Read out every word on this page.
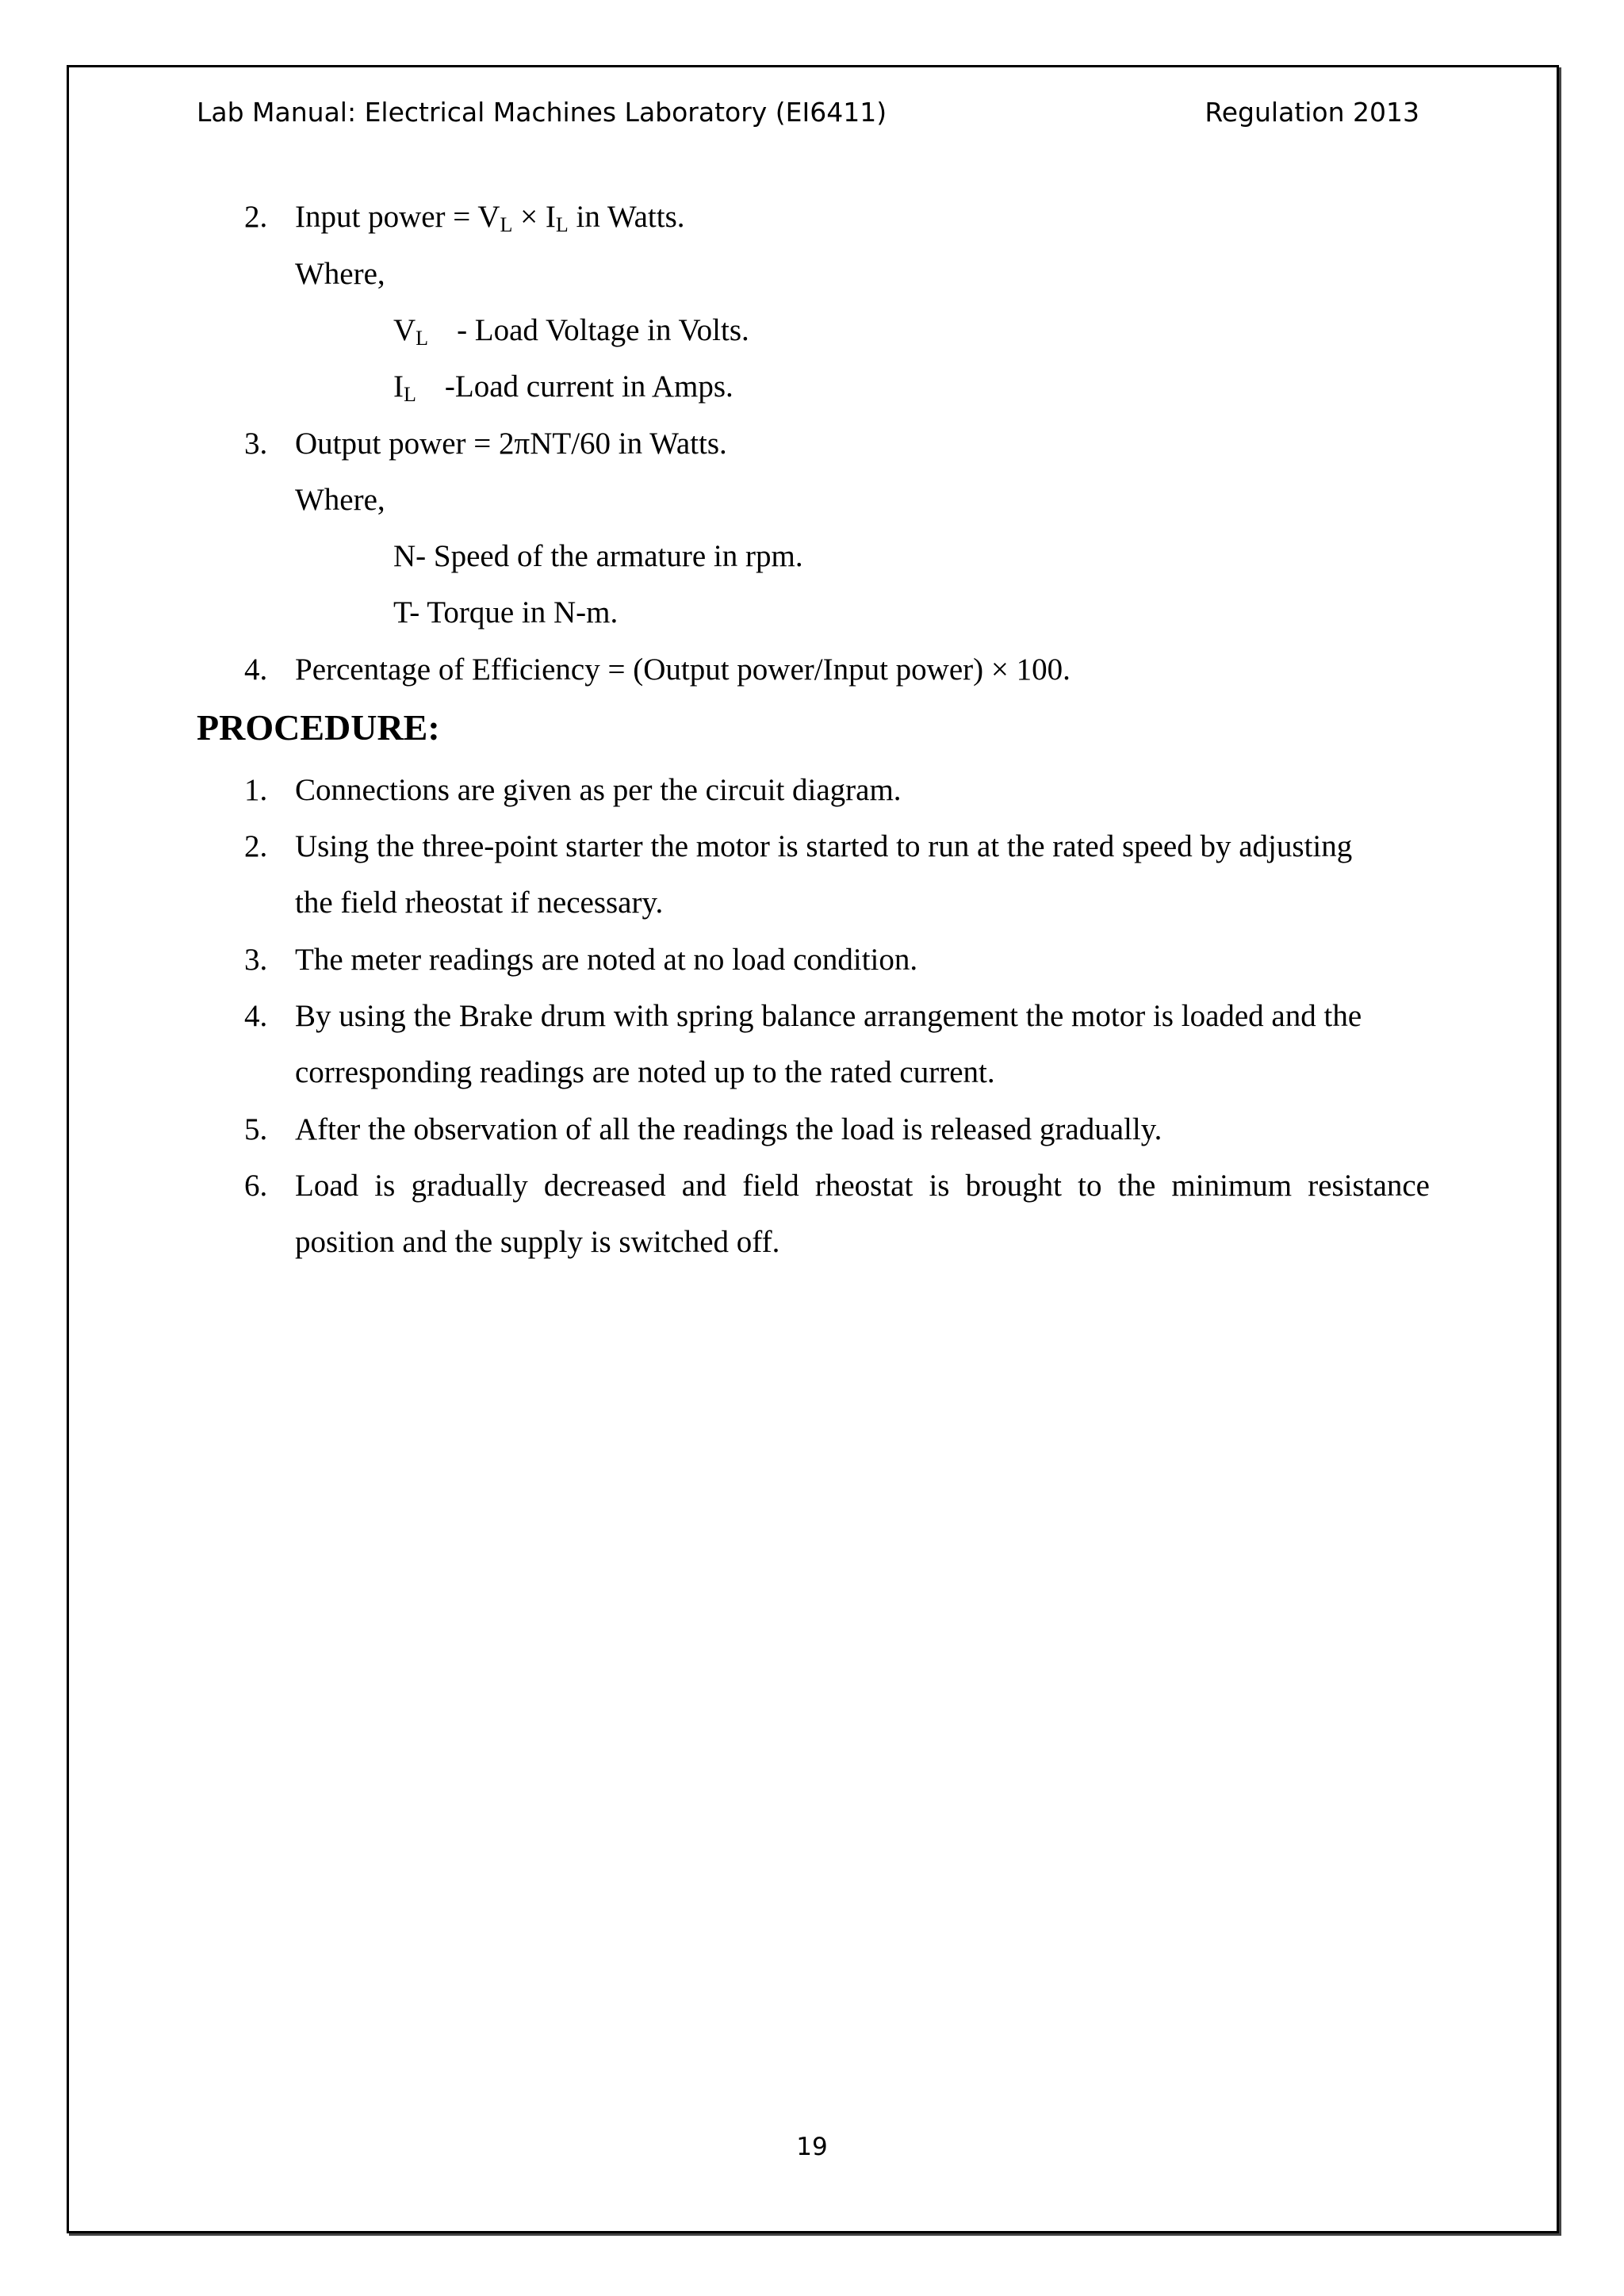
Lab Manual: Electrical Machines Laboratory (EI6411)	Regulation 2013
2. Input power = $V_L \times I_L$ in Watts.
Where,
$V_L$ - Load Voltage in Volts.
$I_L$ -Load current in Amps.
3. Output power = 2πNT/60 in Watts.
Where,
N- Speed of the armature in rpm.
T- Torque in N-m.
4. Percentage of Efficiency = (Output power/Input power) × 100.
PROCEDURE:
1. Connections are given as per the circuit diagram.
2. Using the three-point starter the motor is started to run at the rated speed by adjusting
the field rheostat if necessary.
3. The meter readings are noted at no load condition.
4. By using the Brake drum with spring balance arrangement the motor is loaded and the
corresponding readings are noted up to the rated current.
5. After the observation of all the readings the load is released gradually.
6. Load is gradually decreased and field rheostat is brought to the minimum resistance
position and the supply is switched off.
19
